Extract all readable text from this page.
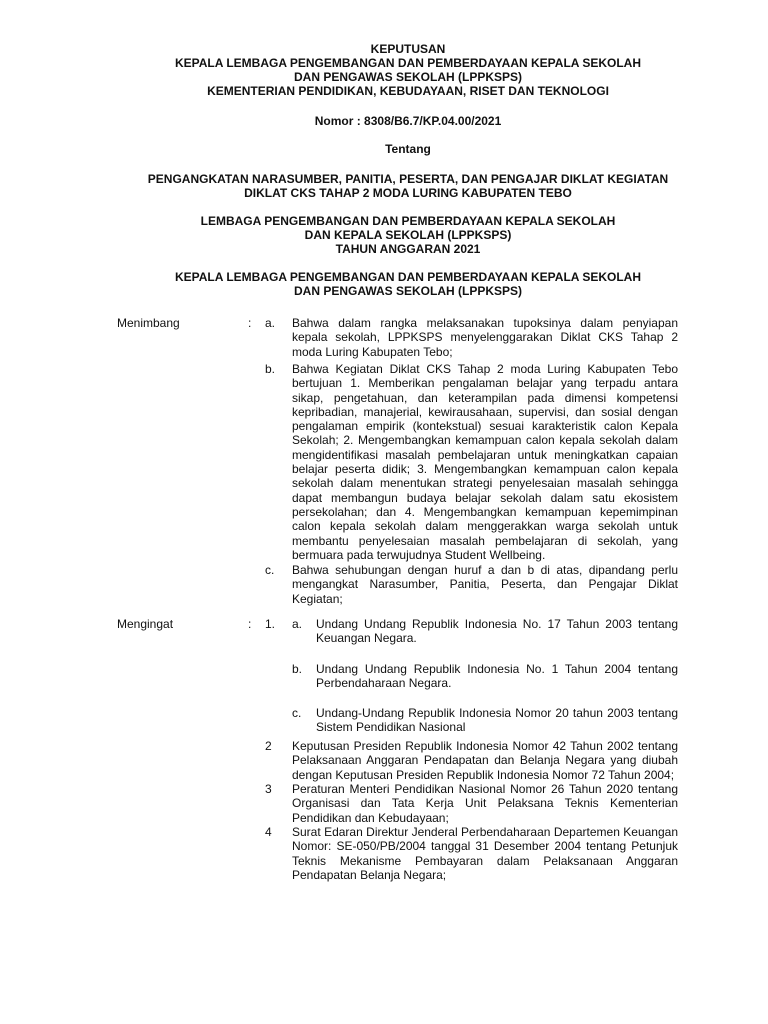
KEPUTUSAN
KEPALA LEMBAGA PENGEMBANGAN DAN PEMBERDAYAAN KEPALA SEKOLAH
DAN PENGAWAS SEKOLAH (LPPKSPS)
KEMENTERIAN PENDIDIKAN, KEBUDAYAAN, RISET DAN TEKNOLOGI
Nomor : 8308/B6.7/KP.04.00/2021
Tentang
PENGANGKATAN NARASUMBER, PANITIA, PESERTA, DAN PENGAJAR DIKLAT KEGIATAN
DIKLAT CKS TAHAP 2 MODA LURING KABUPATEN TEBO
LEMBAGA PENGEMBANGAN DAN PEMBERDAYAAN KEPALA SEKOLAH
DAN KEPALA SEKOLAH (LPPKSPS)
TAHUN ANGGARAN 2021
KEPALA LEMBAGA PENGEMBANGAN DAN PEMBERDAYAAN KEPALA SEKOLAH
DAN PENGAWAS SEKOLAH (LPPKSPS)
Menimbang	: a. Bahwa dalam rangka melaksanakan tupoksinya dalam penyiapan kepala sekolah, LPPKSPS menyelenggarakan Diklat CKS Tahap 2 moda Luring Kabupaten Tebo;
b. Bahwa Kegiatan Diklat CKS Tahap 2 moda Luring Kabupaten Tebo bertujuan 1. Memberikan pengalaman belajar yang terpadu antara sikap, pengetahuan, dan keterampilan pada dimensi kompetensi kepribadian, manajerial, kewirausahaan, supervisi, dan sosial dengan pengalaman empirik (kontekstual) sesuai karakteristik calon Kepala Sekolah; 2. Mengembangkan kemampuan calon kepala sekolah dalam mengidentifikasi masalah pembelajaran untuk meningkatkan capaian belajar peserta didik; 3. Mengembangkan kemampuan calon kepala sekolah dalam menentukan strategi penyelesaian masalah sehingga dapat membangun budaya belajar sekolah dalam satu ekosistem persekolahan; dan 4. Mengembangkan kemampuan kepemimpinan calon kepala sekolah dalam menggerakkan warga sekolah untuk membantu penyelesaian masalah pembelajaran di sekolah, yang bermuara pada terwujudnya Student Wellbeing.
c. Bahwa sehubungan dengan huruf a dan b di atas, dipandang perlu mengangkat Narasumber, Panitia, Peserta, dan Pengajar Diklat Kegiatan;
Mengingat	: 1. a. Undang Undang Republik Indonesia No. 17 Tahun 2003 tentang Keuangan Negara.
b. Undang Undang Republik Indonesia No. 1 Tahun 2004 tentang Perbendaharaan Negara.
c. Undang-Undang Republik Indonesia Nomor 20 tahun 2003 tentang Sistem Pendidikan Nasional
2 Keputusan Presiden Republik Indonesia Nomor 42 Tahun 2002 tentang Pelaksanaan Anggaran Pendapatan dan Belanja Negara yang diubah dengan Keputusan Presiden Republik Indonesia Nomor 72 Tahun 2004;
3 Peraturan Menteri Pendidikan Nasional Nomor 26 Tahun 2020 tentang Organisasi dan Tata Kerja Unit Pelaksana Teknis Kementerian Pendidikan dan Kebudayaan;
4 Surat Edaran Direktur Jenderal Perbendaharaan Departemen Keuangan Nomor: SE-050/PB/2004 tanggal 31 Desember 2004 tentang Petunjuk Teknis Mekanisme Pembayaran dalam Pelaksanaan Anggaran Pendapatan Belanja Negara;
